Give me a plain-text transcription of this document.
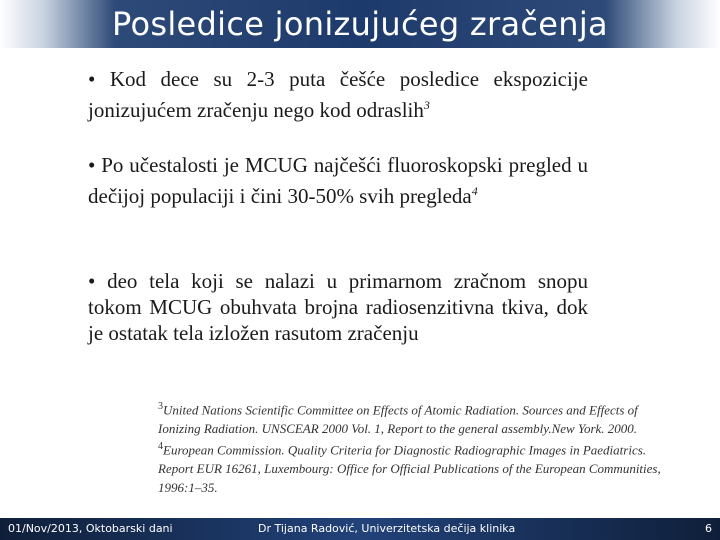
Posledice jonizujućeg zračenja

• Kod dece su 2-3 puta češće posledice ekspozicije jonizujućem zračenju nego kod odraslih$^3$

• Po učestalosti je MCUG najčešći fluoroskopski pregled u dečijoj populaciji i čini 30-50% svih pregleda$^4$

• deo tela koji se nalazi u primarnom zračnom snopu tokom MCUG obuhvata brojna radiosenzitivna tkiva, dok je ostatak tela izložen rasutom zračenju

$^3$United Nations Scientific Committee on Effects of Atomic Radiation. Sources and Effects of Ionizing Radiation. UNSCEAR 2000 Vol. 1, Report to the general assembly.New York. 2000.

$^4$European Commission. Quality Criteria for Diagnostic Radiographic Images in Paediatrics. Report EUR 16261, Luxembourg: Office for Official Publications of the European Communities, 1996:1–35.

01/Nov/2013, Oktobarski dani	Dr Tijana Radović, Univerzitetska dečija klinika	6
